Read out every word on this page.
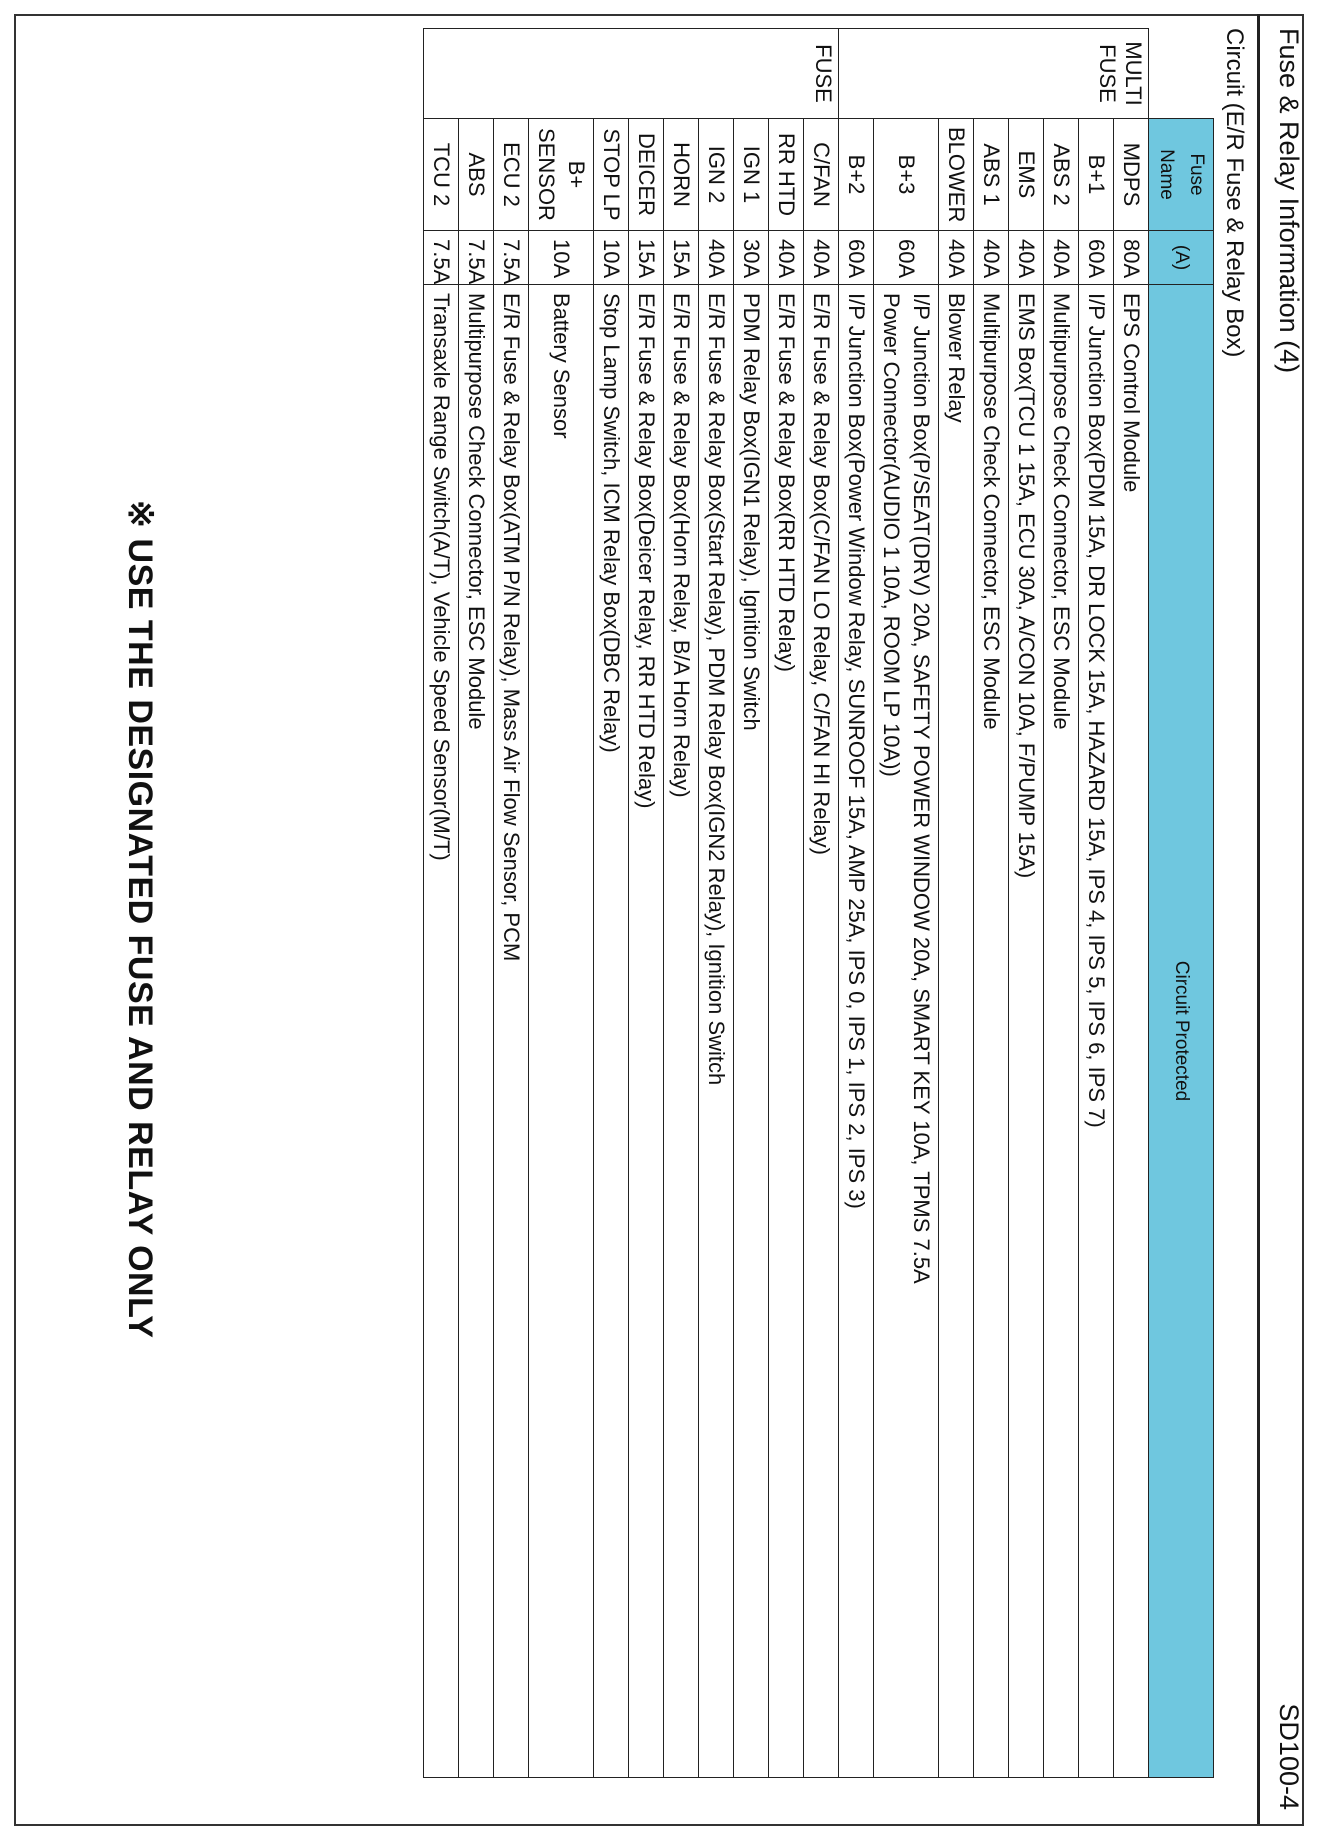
Fuse & Relay Information (4)
SD100-4
Circuit (E/R Fuse & Relay Box)
	Fuse Name	(A)	Circuit Protected
MULTI FUSE	MDPS	80A	EPS Control Module

	B+1	60A	I/P Junction Box(PDM 15A, DR LOCK 15A, HAZARD 15A, IPS 4, IPS 5, IPS 6, IPS 7)

	ABS 2	40A	Multipurpose Check Connector, ESC Module

	EMS	40A	EMS Box(TCU 1 15A, ECU 30A, A/CON 10A, F/PUMP 15A)

	ABS 1	40A	Multipurpose Check Connector, ESC Module

	BLOWER	40A	Blower Relay

	B+3	60A	I/P Junction Box(P/SEAT(DRV) 20A, SAFETY POWER WINDOW 20A, SMART KEY 10A, TPMS 7.5A
Power Connector(AUDIO 1 10A, ROOM LP 10A))

	B+2	60A	I/P Junction Box(Power Window Relay, SUNROOF 15A, AMP 25A, IPS 0, IPS 1, IPS 2, IPS 3)

FUSE	C/FAN	40A	E/R Fuse & Relay Box(C/FAN LO Relay, C/FAN HI Relay)

	RR HTD	40A	E/R Fuse & Relay Box(RR HTD Relay)

	IGN 1	30A	PDM Relay Box(IGN1 Relay), Ignition Switch

	IGN 2	40A	E/R Fuse & Relay Box(Start Relay), PDM Relay Box(IGN2 Relay), Ignition Switch

	HORN	15A	E/R Fuse & Relay Box(Horn Relay, B/A Horn Relay)

	DEICER	15A	E/R Fuse & Relay Box(Deicer Relay, RR HTD Relay)

	STOP LP	10A	Stop Lamp Switch, ICM Relay Box(DBC Relay)

	B+ SENSOR	10A	Battery Sensor

	ECU 2	7.5A	E/R Fuse & Relay Box(ATM P/N Relay), Mass Air Flow Sensor, PCM

	ABS	7.5A	Multipurpose Check Connector, ESC Module

	TCU 2	7.5A	Transaxle Range Switch(A/T), Vehicle Speed Sensor(M/T)
※ USE THE DESIGNATED FUSE AND RELAY ONLY
